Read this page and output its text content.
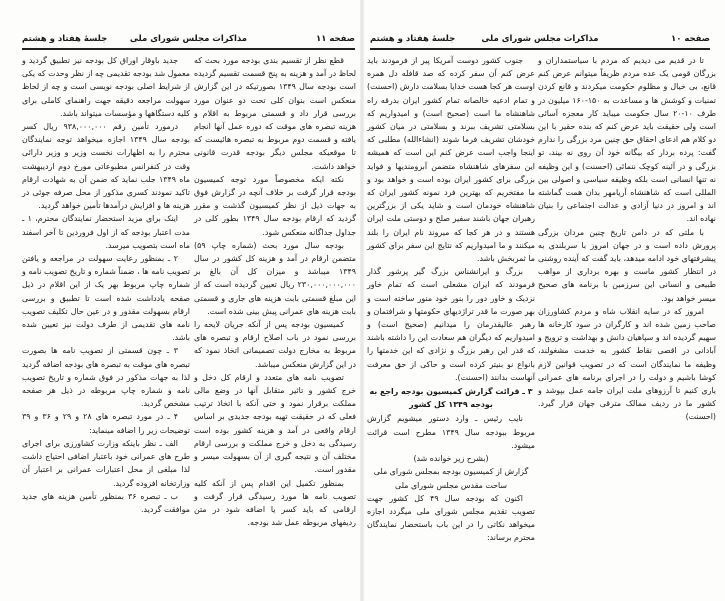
صفحه ۱۱
مذاکرات مجلس شورای ملی
جلسهٔ هفتاد و هشتم	صفحه ۱۰
مذاکرات مجلس شورای ملی
جلسهٔ هفتاد و هشتم

تا در قدیم می دیدیم که مردم با سیاستمداران و بزرگان قومی یک عده مردم ظریفاً میتوانم عرض کنم قانع، بی خیال و مظلوم حکومت میکردند و قانع کردن تمنیات و کوشش ها و مساعدت به ۱۵۰-۱۶۰ میلیون در طرف ۱۰-۲۰ سال حکومت میباید کار معجزه آسائی است ولی حقیقت باید عرض کنم که بنده حقیر با این دو کلام هم ادعای احقاق حق چنین مرد بزرگی را ندارم گفت: پرده بردار که بیگانه خود آن روی نه بیند، تو بزرگی و در آئینه کوچک ننمائی (احسنت) و این وظیفه نه تنها انسانی است بلکه وظیفه سیاسی و اصولی بین المللی است که شاهنشاه آریامهر بدان همت گماشته اند و امروز در دنیا آزادی و عدالت اجتماعی را بنیان نهاده اند.

با ملتی که در دامن تاریخ چنین مردان بزرگی پرورش داده است و در جهان امروز با سربلندی به پیشرفتهای خود ادامه میدهد، باید گفت که آینده روشنی در انتظار کشور ماست و بهره برداری از مواهب طبیعی و انسانی این سرزمین با برنامه های صحیح میسر خواهد بود.

امروز که در سایه انقلاب شاه و مردم کشاورزان صاحب زمین شده اند و کارگران در سود کارخانه ها سهیم گردیده اند و سپاهیان دانش و بهداشت و ترویج و آبادانی در اقصی نقاط کشور به خدمت مشغولند، وظیفه ما نمایندگان است که در تصویب قوانین لازم کوشا باشیم و دولت را در اجرای برنامه های عمرانی یاری کنیم تا آرزوهای ملت ایران جامه عمل بپوشد و کشور ما در ردیف ممالک مترقی جهان قرار گیرد. (احسنت)

جنوب کشور دوست آمریکا پیر از فرمودند باید عرض کنم آن سفر کرده که صد قافله دل همره اوست هر کجا هست خدایا بسلامت دارش (احسنت) و تمام ادعیه خالصانه تمام کشور ایران بدرقه راه شاهنشاه ما است (صحیح است) و امیدواریم که بسلامتی تشریف ببرند و بسلامتی در میان کشور خودشان تشریف فرما شوند (انشاءالله) مطلبی که اینجا واجب است عرض کنم این است که همیشه این سفرهای شاهنشاه متضمن آبرومندیها و فواید بزرگی برای کشور ایران بوده است و خواهد بود و ما مفتخریم که بهترین فرد نمونه کشور ایران که شاهنشاه خودمان است و شاید یکی از بزرگترین رهبران جهان باشند سفیر صلح و دوستی ملت ایران هستند و در هر کجا که میروند نام ایران را بلند میکنند و ما امیدواریم که نتایج این سفر برای کشور ما ثمربخش باشد.

بزرگ و ایرانشناس بزرگ گیر پرشور گذار فرمودند که ایران مشعلی است که تمام خاور نزدیک و خاور دور را بنور خود منور ساخته است و بهر صورت ما قدر تراژدیهای حکومتها و شرافتمان و رهبر عالیقدرمان را میدانیم (صحیح است) و امیدواریم که دیگران هم سعادت این را داشته باشند که قدر این رهبر بزرگ و نژادی که این خدمتها را بانواع نو بنیتر کرده است و حاکی از حق معرفت آنهاست بدانند (احسنت).

۳ ـ قرائت گزارش کمیسیون بودجه راجع به بودجه ۱۳۴۹ کل کشور

نایب رئیس ـ وارد دستور میشویم گزارش مربوط ببودجه سال ۱۳۴۹ مطرح است قرائت میشود.

(بشرح زیر خوانده شد)

گزارش از کمیسیون بودجه بمجلس شورای ملی

ساحت مقدس مجلس شورای ملی

اکنون که بودجه سال ۴۹ کل کشور جهت تصویب تقدیم مجلس شورای ملی میگردد اجازه میخواهد نکاتی را در این باب باستحضار نمایندگان محترم برساند:

قطع نظر از تقسیم بندی بودجه مورد بحث که لحاظ در آمد و هزینه به پنج قسمت تقسیم گردیده است بودجه سال ۱۳۴۹ بصورتیکه در این گزارش منعکس است بنوان کلی تحت دو عنوان مورد بررسی قرار داد و قسمتی مربوط به اقلام و هزینه تبصره های موقت که دوره عمل آنها انجام یافته و قسمت دوم مربوط به تبصره هائیست که تا موقعیکه مجلس دیگر بودجه قدرت قانونی خواهد داشت.

نکته ایکه مخصوصاً مورد توجه کمیسیون بودجه قرار گرفت بر خلاف آنچه در گزارش فوق به جهات ذیل از نظر کمیسیون گذشت و مقرر گردید که ارقام بودجه سال ۱۳۴۹ بطور کلی در جداول جداگانه منعکس شود.

بودجه سال مورد بحث (شماره چاپ ۵۹) متضمن ارقام در آمد و هزینه کل کشور در سال ۱۳۴۹ میباشد و میزان کل آن بالغ بر ۲۳۰,۰۰۰,۰۰۰,۰۰۰ ریال تعیین گردیده است که از این مبلغ قسمتی بابت هزینه های جاری و قسمتی بابت هزینه های عمرانی پیش بینی شده است.

کمیسیون بودجه پس از آنکه جریان لایحه را بررسی نمود در باب اصلاح ارقام و تبصره های مربوط به مخارج دولت تصمیماتی اتخاذ نمود که در این گزارش منعکس میباشد.

تصویب نامه های متعدد و ارقام کل دخل و خرج کشور و تاثیر متقابل آنها در وضع مالی مملکت برقرار نمود و حتی آنکه با اتخاذ ترتیب فعلی که در حقیقت تهیه بودجه جدیدی بر اساس ارقام واقعی در آمد و هزینه کشور بوده است رسیدگی به دخل و خرج مملکت و بررسی ارقام مختلف آن و نتیجه گیری از آن بسهولت میسر و مقدور است.

بمنظور تکمیل این اقدام پس از آنکه کلیه تصویب نامه ها مورد رسیدگی قرار گرفت و ارقامی که باید کسر یا اضافه شود در متن ردیفهای مربوطه عمل شد بودجه.

جدید باوقار اوراق کل بودجه نیز تطبیق گردید و معمول شد بودجه تقدیمی چه از نظر وحدت که یکی از شرایط اصلی بودجه نویسی است و چه از لحاظ سهولت مراجعه دقیقه جهت راهنمای کاملی برای کلیه دستگاهها و مؤسسات میتواند باشد.

درمورد تأمین رقم ۹۳۸,۰۰۰,۰۰۰ ریال کسر بودجه سال ۱۳۴۹ اجازه میخواهد توجه نمایندگان محترم را به اظهارات نخست وزیر و وزیر دارائی وقت در کنفرانس مطبوعاتی مورخ دوم اردیبهشت ماه ۱۳۴۹ جلب نماید که ضمن آن به شهادت ارقام تاکید نمودند کسری مذکور از محل صرفه جوئی در هزینه ها و افزایش درآمدها تأمین خواهد گردید.

اینک برای مزید استحضار نمایندگان محترم، ۱ ـ مدت اعتبار بودجه که از اول فروردین تا آخر اسفند ماه است بتصویب میرسد.

۲ ـ بمنظور رعایت سهولت در مراجعه و یافتن تصویب نامه ها ، ضمناً شماره و تاریخ تصویب نامه و شماره چاپ مربوط بهر یک از این اقلام در ذیل صفحه یادداشت شده است تا تطبیق و بررسی ارقام بسهولت مقدور و در عین حال تکلیف تصویب نامه های تقدیمی از طرف دولت نیز تعیین شده باشد.

۳ ـ چون قسمتی از تصویب نامه ها بصورت تبصره های موقت به تبصره های بودجه اضافه گردید لذا به جهات مذکور در فوق شماره و تاریخ تصویب نامه و شماره چاپ مربوطه در ذیل هر صفحه مشخص گردید.

۴ ـ در مورد تبصره های ۲۸ و ۲۹ و ۳۶ و ۳۹ توضیحات زیر را اضافه مینماید:

الف ـ نظر باینکه وزارت کشاورزی برای اجرای طرح های عمرانی خود باعتبار اضافی احتیاج داشت لذا مبلغی از محل اعتبارات عمرانی بر اعتبار آن وزارتخانه افزوده گردید.

ب ـ تبصره ۳۶ بمنظور تأمین هزینه های جدید موافقت گردید.
